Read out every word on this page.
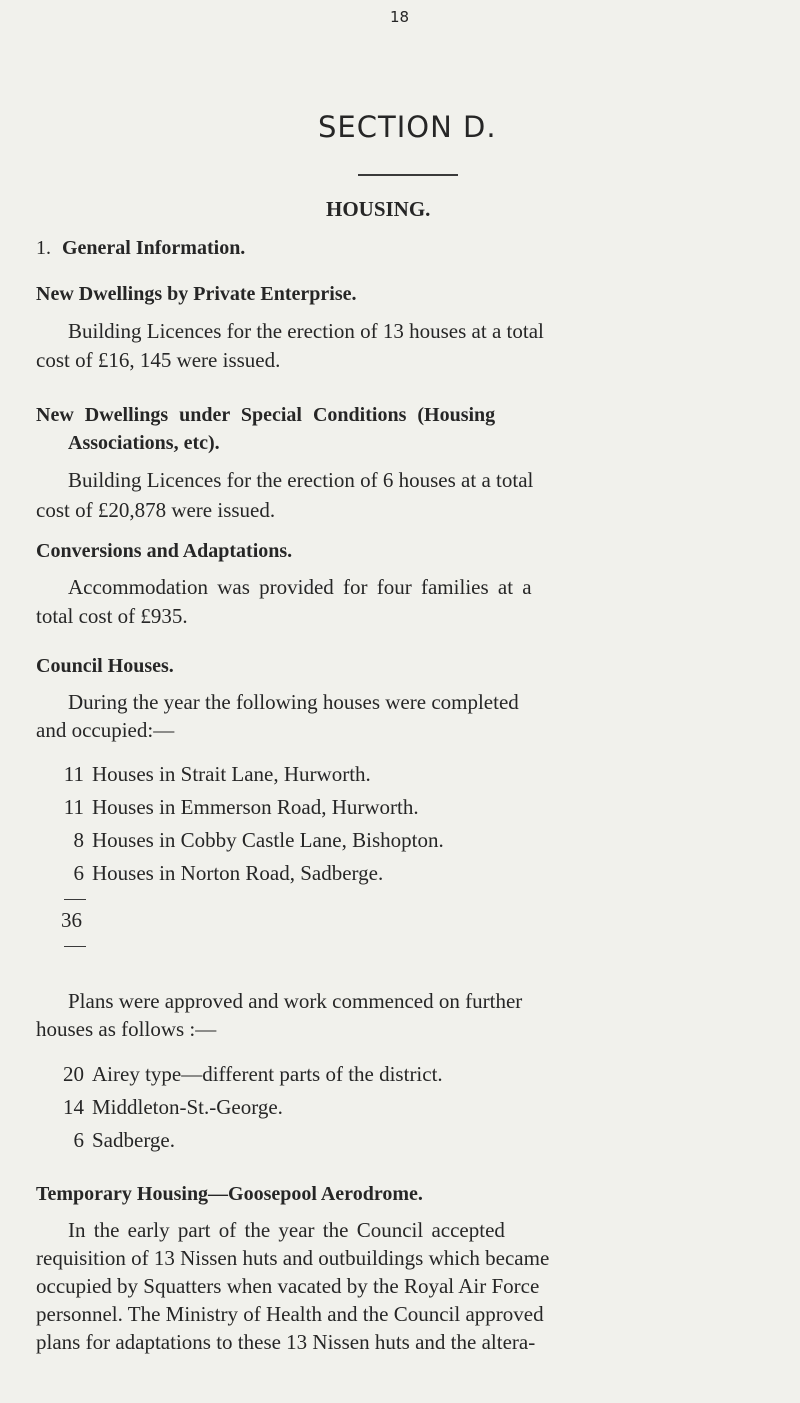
18
SECTION D.
HOUSING.
1. General Information.
New Dwellings by Private Enterprise.
Building Licences for the erection of 13 houses at a total
cost of £16, 145 were issued.
New Dwellings under Special Conditions (Housing
Associations, etc).
Building Licences for the erection of 6 houses at a total
cost of £20,878 were issued.
Conversions and Adaptations.
Accommodation was provided for four families at a
total cost of £935.
Council Houses.
During the year the following houses were completed
and occupied:—
11 Houses in Strait Lane, Hurworth.
11 Houses in Emmerson Road, Hurworth.
8 Houses in Cobby Castle Lane, Bishopton.
6 Houses in Norton Road, Sadberge.
36
Plans were approved and work commenced on further
houses as follows :—
20 Airey type—different parts of the district.
14 Middleton-St.-George.
6 Sadberge.
Temporary Housing—Goosepool Aerodrome.
In the early part of the year the Council accepted
requisition of 13 Nissen huts and outbuildings which became
occupied by Squatters when vacated by the Royal Air Force
personnel. The Ministry of Health and the Council approved
plans for adaptations to these 13 Nissen huts and the altera-
